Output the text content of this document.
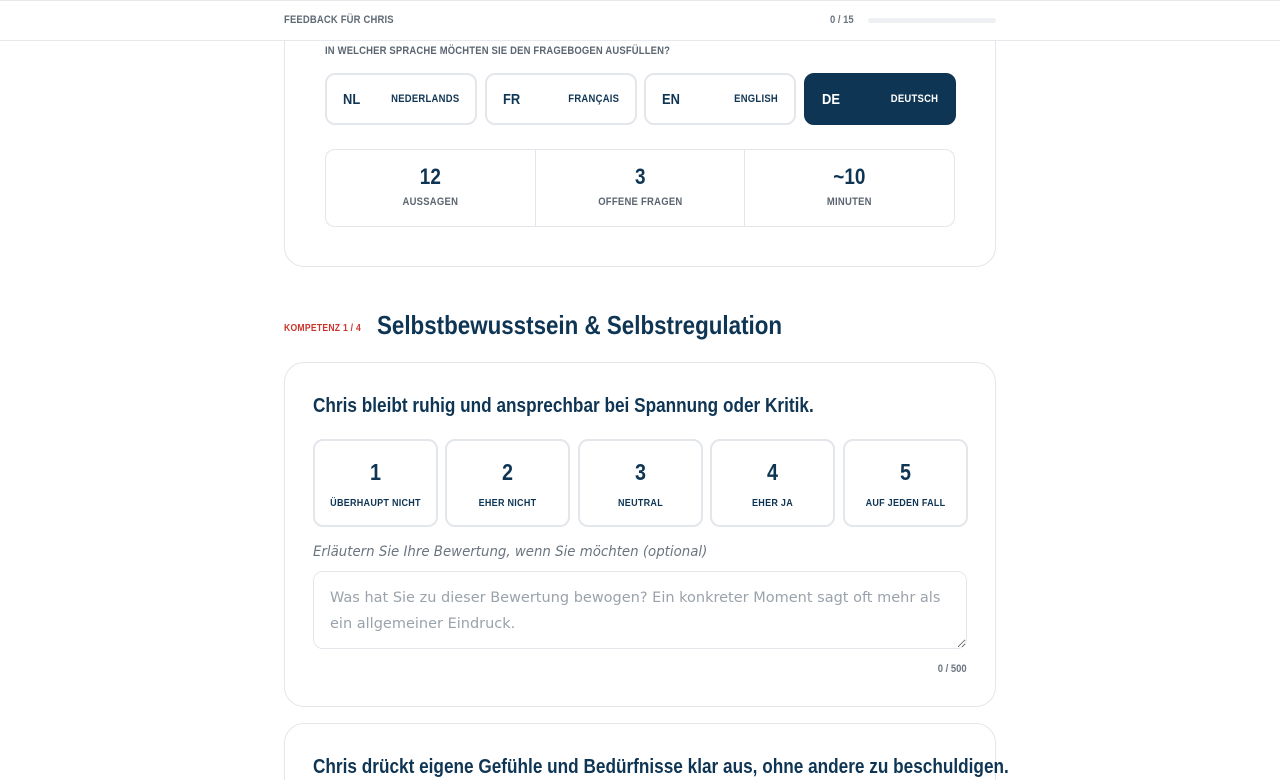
FEEDBACK FÜR CHRIS	0 / 15
IN WELCHER SPRACHE MÖCHTEN SIE DEN FRAGEBOGEN AUSFÜLLEN?
NL	NEDERLANDS	FR	FRANÇAIS	EN	ENGLISH	DE	DEUTSCH
12
AUSSAGEN
3
OFFENE FRAGEN
~10
MINUTEN
KOMPETENZ 1 / 4 Selbstbewusstsein & Selbstregulation
Chris bleibt ruhig und ansprechbar bei Spannung oder Kritik.
1
ÜBERHAUPT NICHT
2
EHER NICHT
3
NEUTRAL
4
EHER JA
5
AUF JEDEN FALL
Erläutern Sie Ihre Bewertung, wenn Sie möchten (optional)
Was hat Sie zu dieser Bewertung bewogen? Ein konkreter Moment sagt oft mehr als ein allgemeiner Eindruck.
0 / 500
Chris drückt eigene Gefühle und Bedürfnisse klar aus, ohne andere zu beschuldigen.
